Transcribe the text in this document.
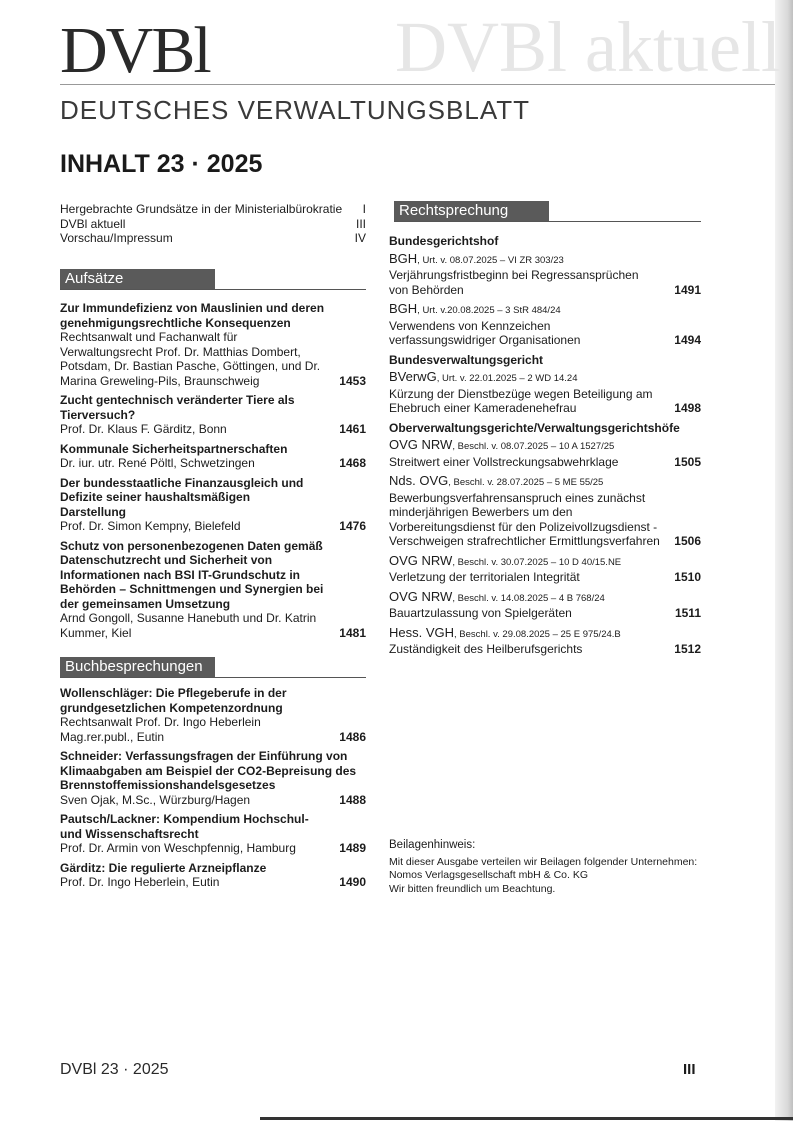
DVBl aktuell
DVBl
DEUTSCHES VERWALTUNGSBLATT
INHALT 23 · 2025
Hergebrachte Grundsätze in der Ministerialbürokratie I
DVBl aktuell	III
Vorschau/Impressum	IV
Aufsätze
Zur Immundefizienz von Mauslinien und deren genehmigungsrechtliche Konsequenzen
Rechtsanwalt und Fachanwalt für Verwaltungsrecht Prof. Dr. Matthias Dombert, Potsdam, Dr. Bastian Pasche, Göttingen, und Dr. Marina Greweling-Pils, Braunschweig	1453
Zucht gentechnisch veränderter Tiere als Tierversuch?
Prof. Dr. Klaus F. Gärditz, Bonn	1461
Kommunale Sicherheitspartnerschaften
Dr. iur. utr. René Pöltl, Schwetzingen	1468
Der bundesstaatliche Finanzausgleich und Defizite seiner haushaltsmäßigen Darstellung
Prof. Dr. Simon Kempny, Bielefeld	1476
Schutz von personenbezogenen Daten gemäß Datenschutzrecht und Sicherheit von Informationen nach BSI IT-Grundschutz in Behörden – Schnittmengen und Synergien bei der gemeinsamen Umsetzung
Arnd Gongoll, Susanne Hanebuth und Dr. Katrin Kummer, Kiel	1481
Buchbesprechungen
Wollenschläger: Die Pflegeberufe in der grundgesetzlichen Kompetenzordnung
Rechtsanwalt Prof. Dr. Ingo Heberlein Mag.rer.publ., Eutin	1486
Schneider: Verfassungsfragen der Einführung von Klimaabgaben am Beispiel der CO2-Bepreisung des Brennstoffemissionshandelsgesetzes
Sven Ojak, M.Sc., Würzburg/Hagen	1488
Pautsch/Lackner: Kompendium Hochschul- und Wissenschaftsrecht
Prof. Dr. Armin von Weschpfennig, Hamburg	1489
Gärditz: Die regulierte Arzneipflanze
Prof. Dr. Ingo Heberlein, Eutin	1490
Rechtsprechung
Bundesgerichtshof
BGH, Urt. v. 08.07.2025 – VI ZR 303/23
Verjährungsfristbeginn bei Regressansprüchen von Behörden	1491
BGH, Urt. v.20.08.2025 – 3 StR 484/24
Verwendens von Kennzeichen verfassungswidriger Organisationen	1494
Bundesverwaltungsgericht
BVerwG, Urt. v. 22.01.2025 – 2 WD 14.24
Kürzung der Dienstbezüge wegen Beteiligung am Ehebruch einer Kameradenehefrau	1498
Oberverwaltungsgerichte/Verwaltungsgerichtshöfe
OVG NRW, Beschl. v. 08.07.2025 – 10 A 1527/25
Streitwert einer Vollstreckungsabwehrklage	1505
Nds. OVG, Beschl. v. 28.07.2025 – 5 ME 55/25
Bewerbungsverfahrensanspruch eines zunächst minderjährigen Bewerbers um den Vorbereitungsdienst für den Polizeivollzugsdienst - Verschweigen strafrechtlicher Ermittlungsverfahren	1506
OVG NRW, Beschl. v. 30.07.2025 – 10 D 40/15.NE
Verletzung der territorialen Integrität	1510
OVG NRW, Beschl. v. 14.08.2025 – 4 B 768/24
Bauartzulassung von Spielgeräten	1511
Hess. VGH, Beschl. v. 29.08.2025 – 25 E 975/24.B
Zuständigkeit des Heilberufsgerichts	1512
Beilagenhinweis:
Mit dieser Ausgabe verteilen wir Beilagen folgender Unternehmen:
Nomos Verlagsgesellschaft mbH & Co. KG
Wir bitten freundlich um Beachtung.
DVBl 23 · 2025	III
